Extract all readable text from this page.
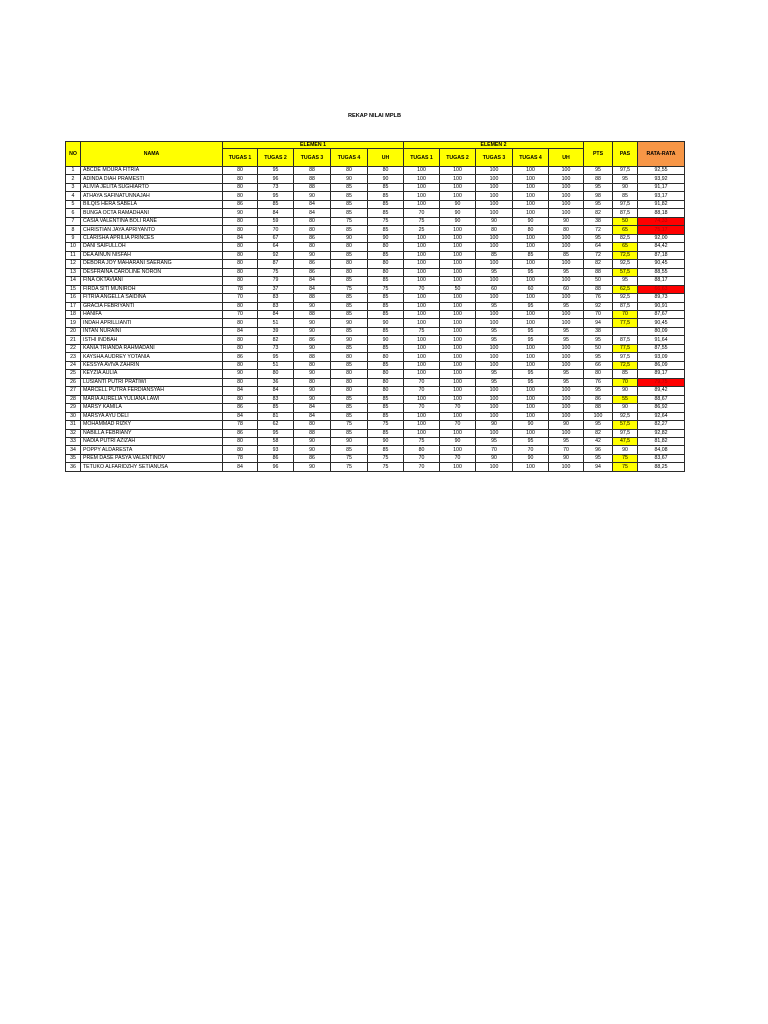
REKAP NILAI MPLB
NO	NAMA	ELEMEN 1					ELEMEN 2					PTS	PAS	RATA-RATA
		TUGAS 1	TUGAS 2	TUGAS 3	TUGAS 4	UH	TUGAS 1	TUGAS 2	TUGAS 3	TUGAS 4	UH			
1	ABCDE MOURA FITRIA	80	95	88	80	80	100	100	100	100	100	95	97,5	92,55
2	ADINDA DIAH PRAMESTI	80	96	88	90	90	100	100	100	100	100	88	95	93,92
3	ALIVIA JELITA SUGHIARTO	80	73	88	85	85	100	100	100	100	100	95	90	91,17
4	ATHAYA SAFINATUNNAJAH	80	95	90	85	85	100	100	100	100	100	98	85	93,17
5	BILQIS HERA SABELA	86	85	84	85	85	100	90	100	100	100	95	97,5	91,82
6	BUNGA OCTA RAMADHANI	90	84	84	85	85	70	90	100	100	100	82	87,5	88,18
7	CASIA VALENTINA BOLI RANE	80	59	80	75	75	75	90	90	90	90	38	50	74,33
8	CHRISTIAN JAYA APRIYANTO	80	70	80	85	85	25	100	80	80	80	72	65	75,17
9	CLARISHA APRILIA PRINCES	84	67	86	90	90	100	100	100	100	100	95	82,5	92,00
10	DANI SAIFULLOH	80	64	80	80	80	100	100	100	100	100	64	65	84,42
11	DEA AINUN NISFAH	80	92	90	85	85	100	100	85	85	85	72	72,5	87,18
12	DEBORA JOY MAHARANI SAERANG	80	87	86	80	80	100	100	100	100	100	82	92,5	90,45
13	DESFRAINA CAROLINE NORON	80	75	86	80	80	100	100	95	95	95	88	57,5	88,55
14	FINA OKTAVIANI	80	79	84	85	85	100	100	100	100	100	50	95	88,17
15	FIRDA SITI MUNIROH	78	37	84	75	75	70	50	60	60	60	88	62,5	66,63
16	FITRIA ANGELLA SAIDINA	70	83	88	85	85	100	100	100	100	100	76	92,5	89,73
17	GRACIA FEBRIYANTI	80	83	90	85	85	100	100	95	95	95	92	87,5	90,91
18	HANIFA	70	84	88	85	85	100	100	100	100	100	70	70	87,67
19	INDAH APRILLIANTI	80	51	90	90	90	100	100	100	100	100	94	77,5	90,45
20	INTAN NURAINI	84	39	90	85	85	75	100	95	95	95	38		80,09
21	ISTHI INDBAH	80	82	86	90	90	100	100	95	95	95	95	87,5	91,64
22	KANIA TRIANDA RAHMADANI	80	73	90	85	85	100	100	100	100	100	50	77,5	87,55
23	KAYSHA AUDREY YOTANIA	86	95	88	80	80	100	100	100	100	100	95	97,5	93,09
24	KESSYA AVIVA ZAHRIN	80	51	80	85	85	100	100	100	100	100	66	72,5	86,09
25	KEYZIA AULIA	90	80	90	80	80	100	100	95	95	95	80	85	89,17
26	LUSIANTI PUTRI PRATIWI	80	36	80	80	80	70	100	95	95	95	76	70	79,75
27	MARCELL PUTRA FERDIANSYAH	84	84	90	80	80	70	100	100	100	100	95	90	89,42
28	MARIA AURELIA YULIANA LAWI	80	83	90	85	85	100	100	100	100	100	86	55	88,67
29	MARSY KAMILA	86	85	84	85	85	70	70	100	100	100	88	90	86,92
30	MARSYA AYU DELI	84	81	84	85	85	100	100	100	100	100	100	92,5	92,64
31	MOHAMMAD RIZKY	78	62	80	75	75	100	70	90	90	90	95	57,5	82,27
32	NABILLA FEBRIANY	86	95	88	85	85	100	100	100	100	100	82	97,5	92,82
33	NADIA PUTRI AZIZAH	80	58	90	90	90	75	90	95	95	95	42	47,5	81,82
34	POPPY ALDARESTA	80	93	90	85	85	80	100	70	70	70	96	90	84,08
35	PREM DASE PASYA VALENTINOV	78	86	86	75	75	70	70	90	90	90	95	75	83,67
36	TETUKO ALFARIDZHY SETIANUSA	84	96	90	75	75	70	100	100	100	100	94	75	88,25
